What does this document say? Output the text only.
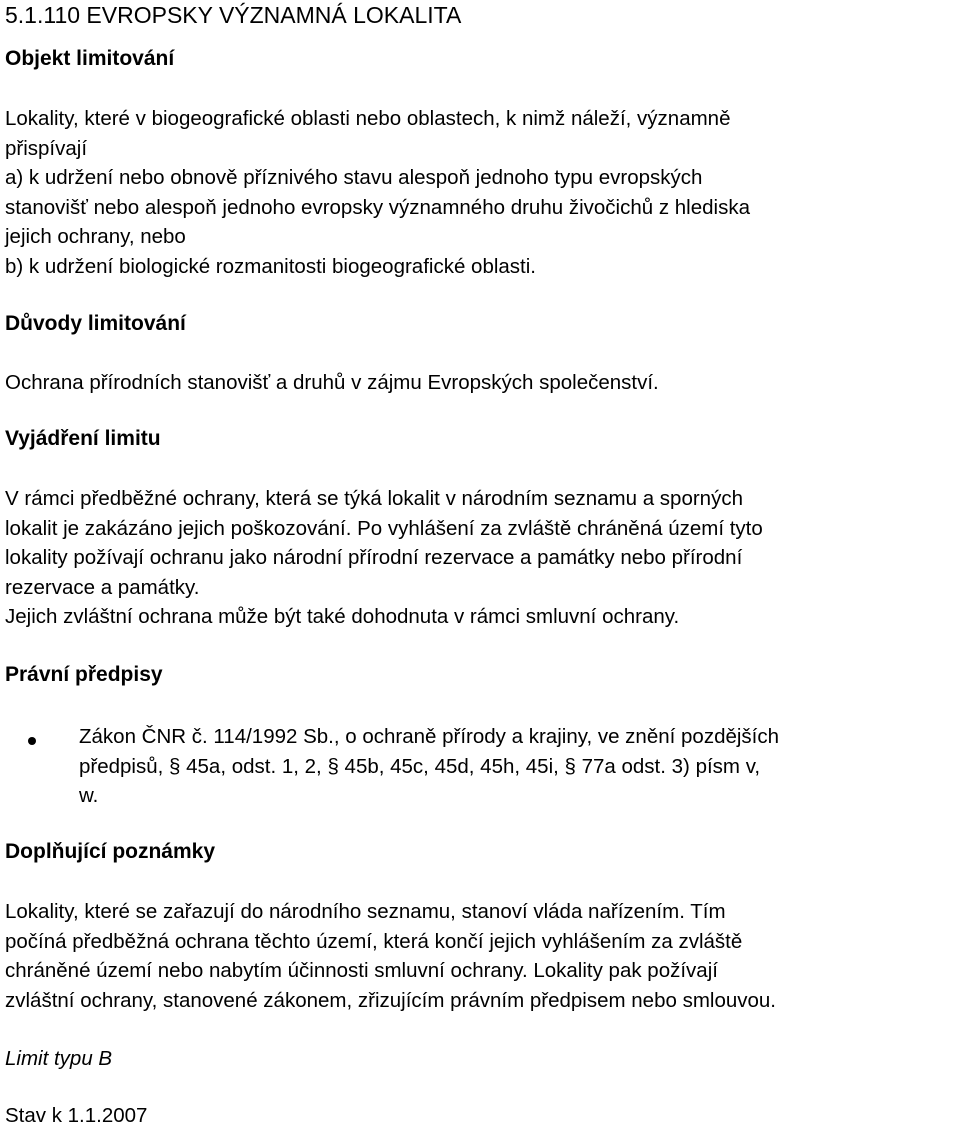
5.1.110 EVROPSKY VÝZNAMNÁ LOKALITA
Objekt limitování
Lokality, které v biogeografické oblasti nebo oblastech, k nimž náleží, významně
přispívají
a) k udržení nebo obnově příznivého stavu alespoň jednoho typu evropských
stanovišť nebo alespoň jednoho evropsky významného druhu živočichů z hlediska
jejich ochrany, nebo
b) k udržení biologické rozmanitosti biogeografické oblasti.
Důvody limitování
Ochrana přírodních stanovišť a druhů v zájmu Evropských společenství.
Vyjádření limitu
V rámci předběžné ochrany, která se týká lokalit v národním seznamu a sporných
lokalit je zakázáno jejich poškozování. Po vyhlášení za zvláště chráněná území tyto
lokality požívají ochranu jako národní přírodní rezervace a památky nebo přírodní
rezervace a památky.
Jejich zvláštní ochrana může být také dohodnuta v rámci smluvní ochrany.
Právní předpisy
Zákon ČNR č. 114/1992 Sb., o ochraně přírody a krajiny, ve znění pozdějších
předpisů, § 45a, odst. 1, 2, § 45b, 45c, 45d, 45h, 45i, § 77a odst. 3) písm v,
w.
Doplňující poznámky
Lokality, které se zařazují do národního seznamu, stanoví vláda nařízením. Tím
počíná předběžná ochrana těchto území, která končí jejich vyhlášením za zvláště
chráněné území nebo nabytím účinnosti smluvní ochrany. Lokality pak požívají
zvláštní ochrany, stanovené zákonem, zřizujícím právním předpisem nebo smlouvou.
Limit typu B
Stav k 1.1.2007
